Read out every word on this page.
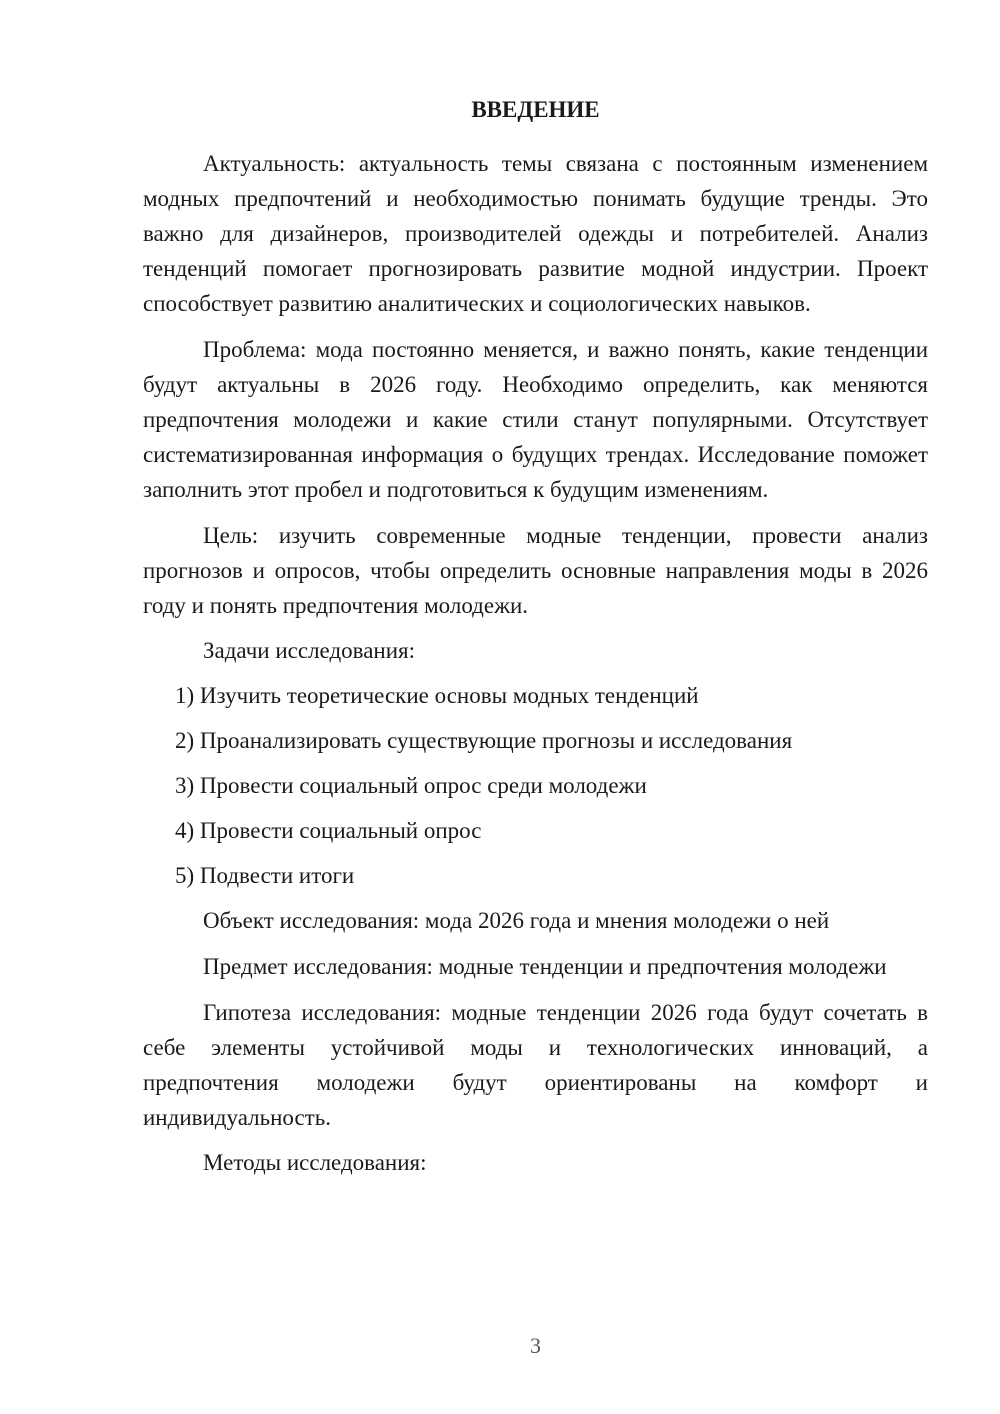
ВВЕДЕНИЕ

Актуальность: актуальность темы связана с постоянным изменением модных предпочтений и необходимостью понимать будущие тренды. Это важно для дизайнеров, производителей одежды и потребителей. Анализ тенденций помогает прогнозировать развитие модной индустрии. Проект способствует развитию аналитических и социологических навыков.

Проблема: мода постоянно меняется, и важно понять, какие тенденции будут актуальны в 2026 году. Необходимо определить, как меняются предпочтения молодежи и какие стили станут популярными. Отсутствует систематизированная информация о будущих трендах. Исследование поможет заполнить этот пробел и подготовиться к будущим изменениям.

Цель: изучить современные модные тенденции, провести анализ прогнозов и опросов, чтобы определить основные направления моды в 2026 году и понять предпочтения молодежи.

Задачи исследования:
1) Изучить теоретические основы модных тенденций
2) Проанализировать существующие прогнозы и исследования
3) Провести социальный опрос среди молодежи
4) Провести социальный опрос
5) Подвести итоги
Объект исследования: мода 2026 года и мнения молодежи о ней

Предмет исследования: модные тенденции и предпочтения молодежи

Гипотеза исследования: модные тенденции 2026 года будут сочетать в себе элементы устойчивой моды и технологических инноваций, а предпочтения молодежи будут ориентированы на комфорт и индивидуальность.

Методы исследования:
3
